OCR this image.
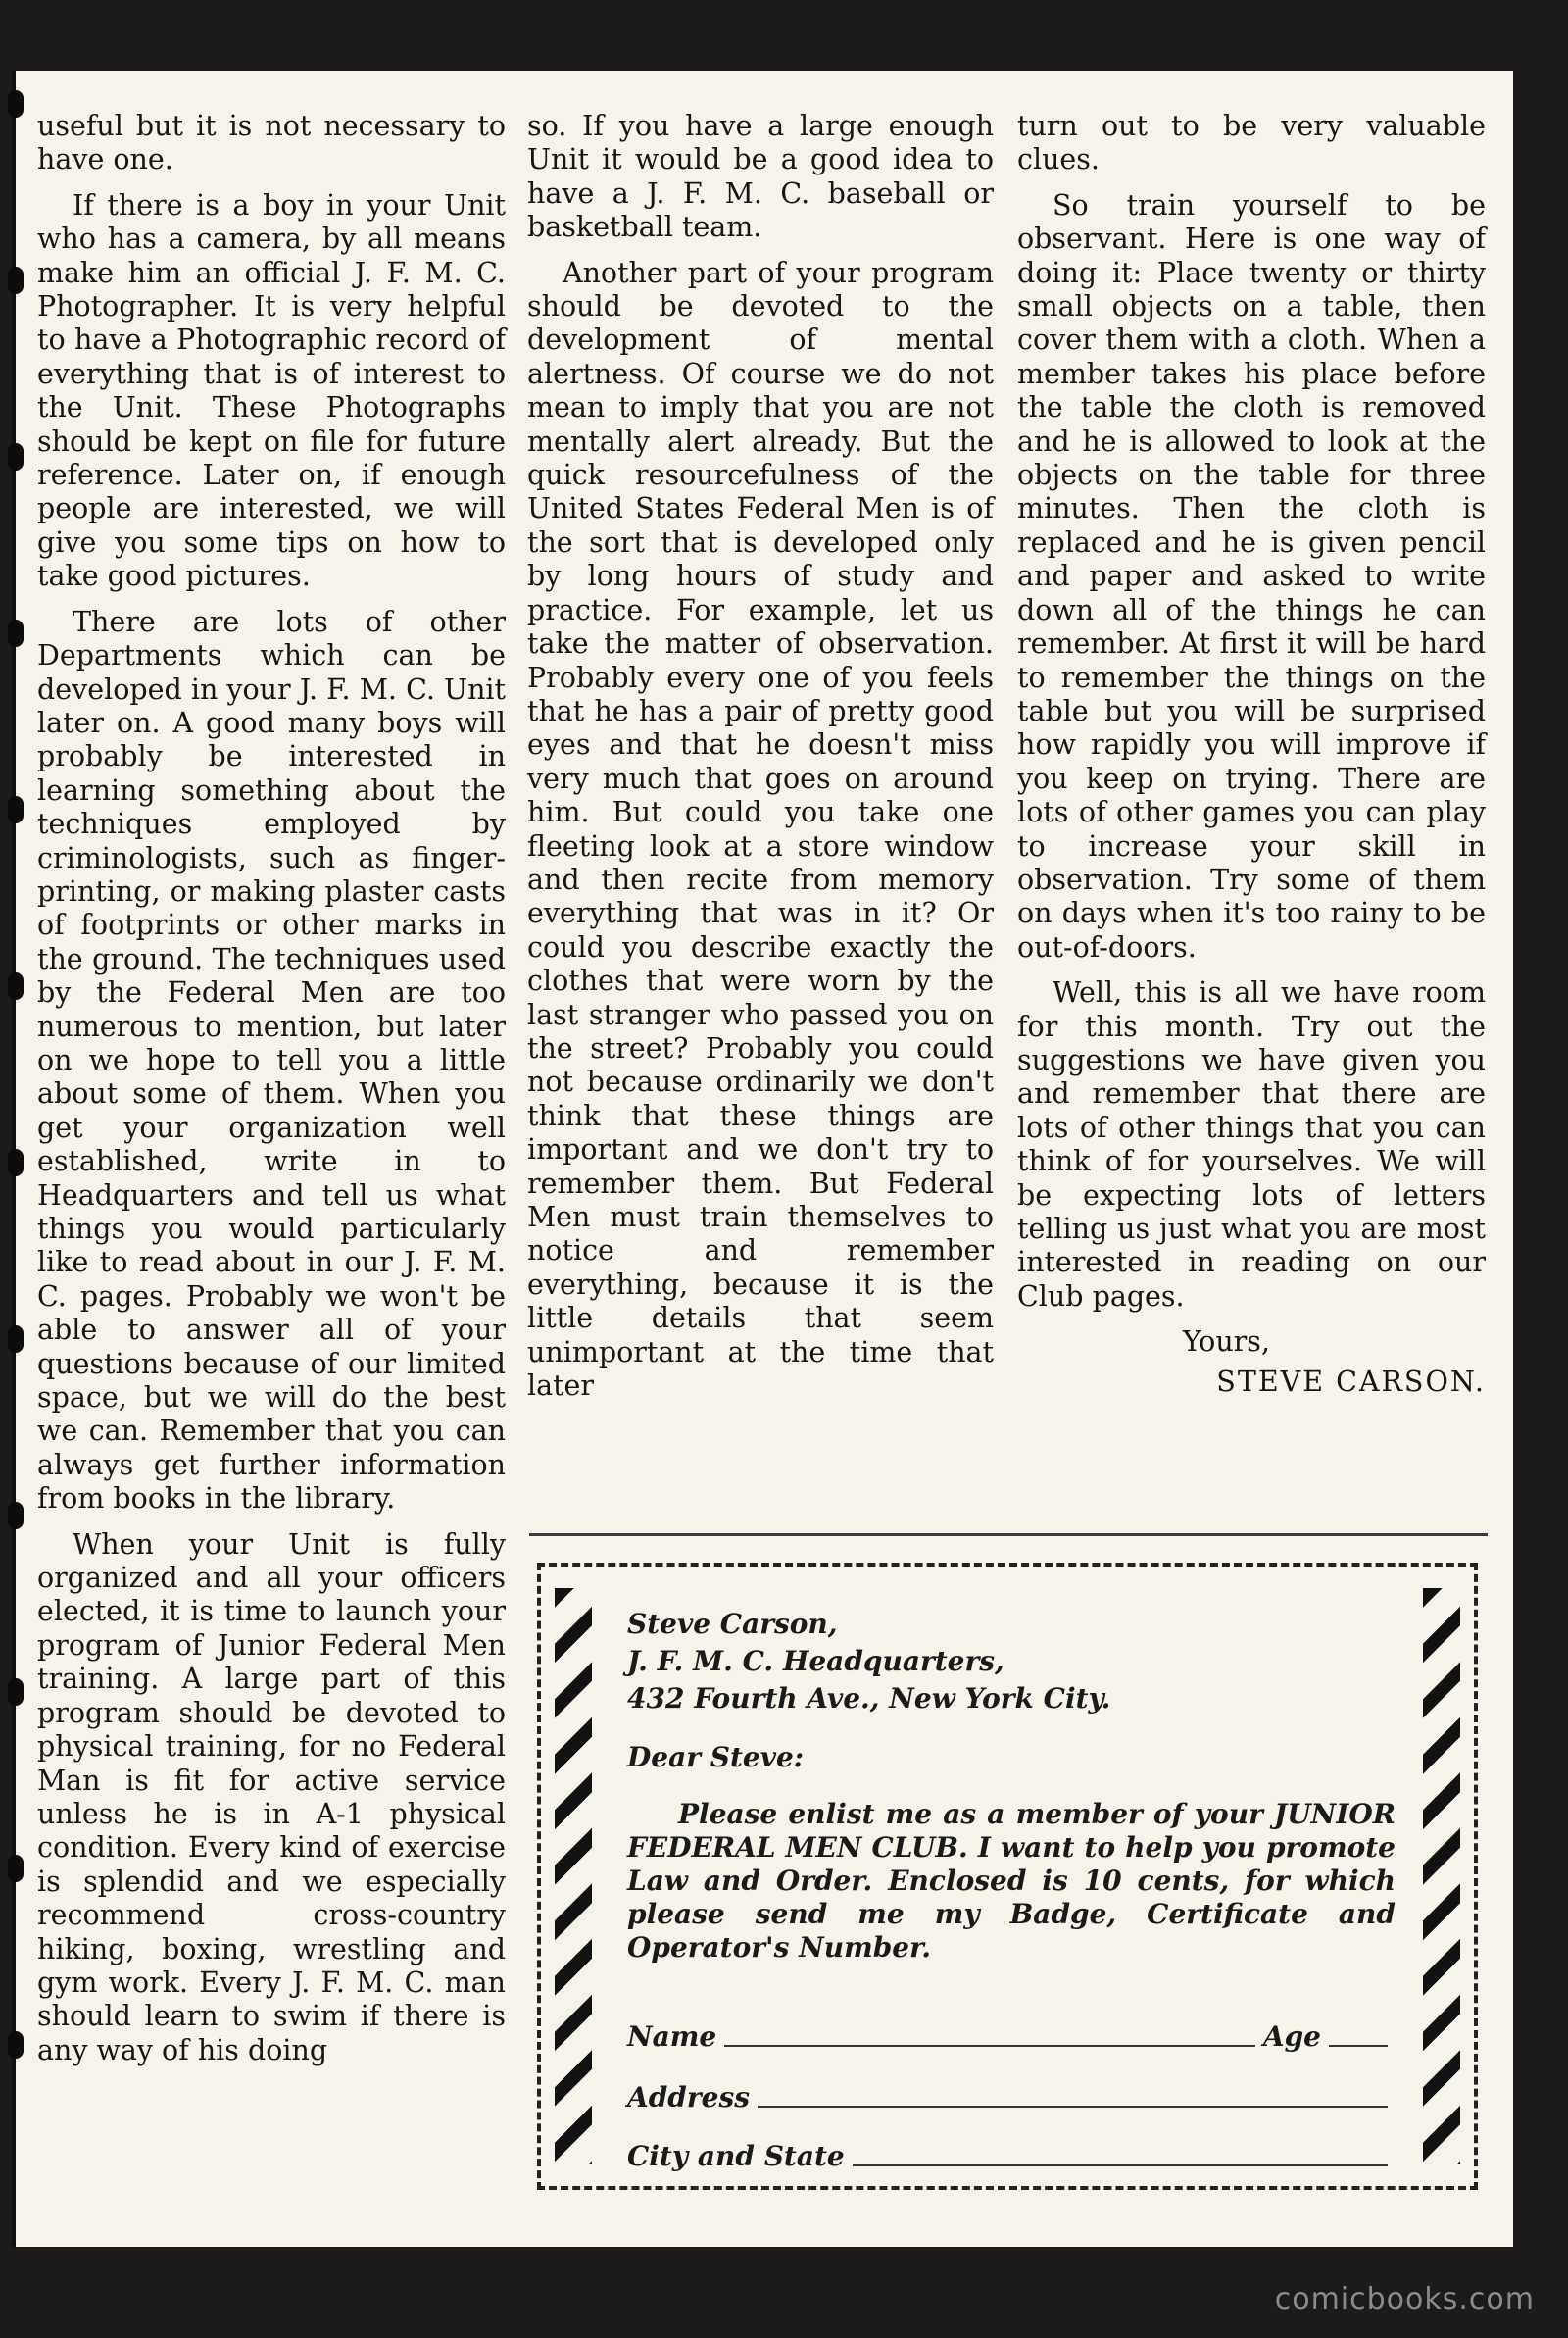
useful but it is not necessary to have one.

If there is a boy in your Unit who has a camera, by all means make him an official J. F. M. C. Photographer. It is very helpful to have a Photographic record of everything that is of interest to the Unit. These Photographs should be kept on file for future reference. Later on, if enough people are interested, we will give you some tips on how to take good pictures.

There are lots of other Departments which can be developed in your J. F. M. C. Unit later on. A good many boys will probably be interested in learning something about the techniques employed by criminologists, such as finger-printing, or making plaster casts of footprints or other marks in the ground. The techniques used by the Federal Men are too numerous to mention, but later on we hope to tell you a little about some of them. When you get your organization well established, write in to Headquarters and tell us what things you would particularly like to read about in our J. F. M. C. pages. Probably we won't be able to answer all of your questions because of our limited space, but we will do the best we can. Remember that you can always get further information from books in the library.

When your Unit is fully organized and all your officers elected, it is time to launch your program of Junior Federal Men training. A large part of this program should be devoted to physical training, for no Federal Man is fit for active service unless he is in A-1 physical condition. Every kind of exercise is splendid and we especially recommend cross-country hiking, boxing, wrestling and gym work. Every J. F. M. C. man should learn to swim if there is any way of his doing

so. If you have a large enough Unit it would be a good idea to have a J. F. M. C. baseball or basketball team.

Another part of your program should be devoted to the development of mental alertness. Of course we do not mean to imply that you are not mentally alert already. But the quick resourcefulness of the United States Federal Men is of the sort that is developed only by long hours of study and practice. For example, let us take the matter of observation. Probably every one of you feels that he has a pair of pretty good eyes and that he doesn't miss very much that goes on around him. But could you take one fleeting look at a store window and then recite from memory everything that was in it? Or could you describe exactly the clothes that were worn by the last stranger who passed you on the street? Probably you could not because ordinarily we don't think that these things are important and we don't try to remember them. But Federal Men must train themselves to notice and remember everything, because it is the little details that seem unimportant at the time that later

turn out to be very valuable clues.

So train yourself to be observant. Here is one way of doing it: Place twenty or thirty small objects on a table, then cover them with a cloth. When a member takes his place before the table the cloth is removed and he is allowed to look at the objects on the table for three minutes. Then the cloth is replaced and he is given pencil and paper and asked to write down all of the things he can remember. At first it will be hard to remember the things on the table but you will be surprised how rapidly you will improve if you keep on trying. There are lots of other games you can play to increase your skill in observation. Try some of them on days when it's too rainy to be out-of-doors.

Well, this is all we have room for this month. Try out the suggestions we have given you and remember that there are lots of other things that you can think of for yourselves. We will be expecting lots of letters telling us just what you are most interested in reading on our Club pages.

Yours,
STEVE CARSON.
Steve Carson,
J. F. M. C. Headquarters,
432 Fourth Ave., New York City.
Dear Steve:
Please enlist me as a member of your JUNIOR FEDERAL MEN CLUB. I want to help you promote Law and Order. Enclosed is 10 cents, for which please send me my Badge, Certificate and Operator's Number.
Name	Age
Address
City and State
comicbooks.com
